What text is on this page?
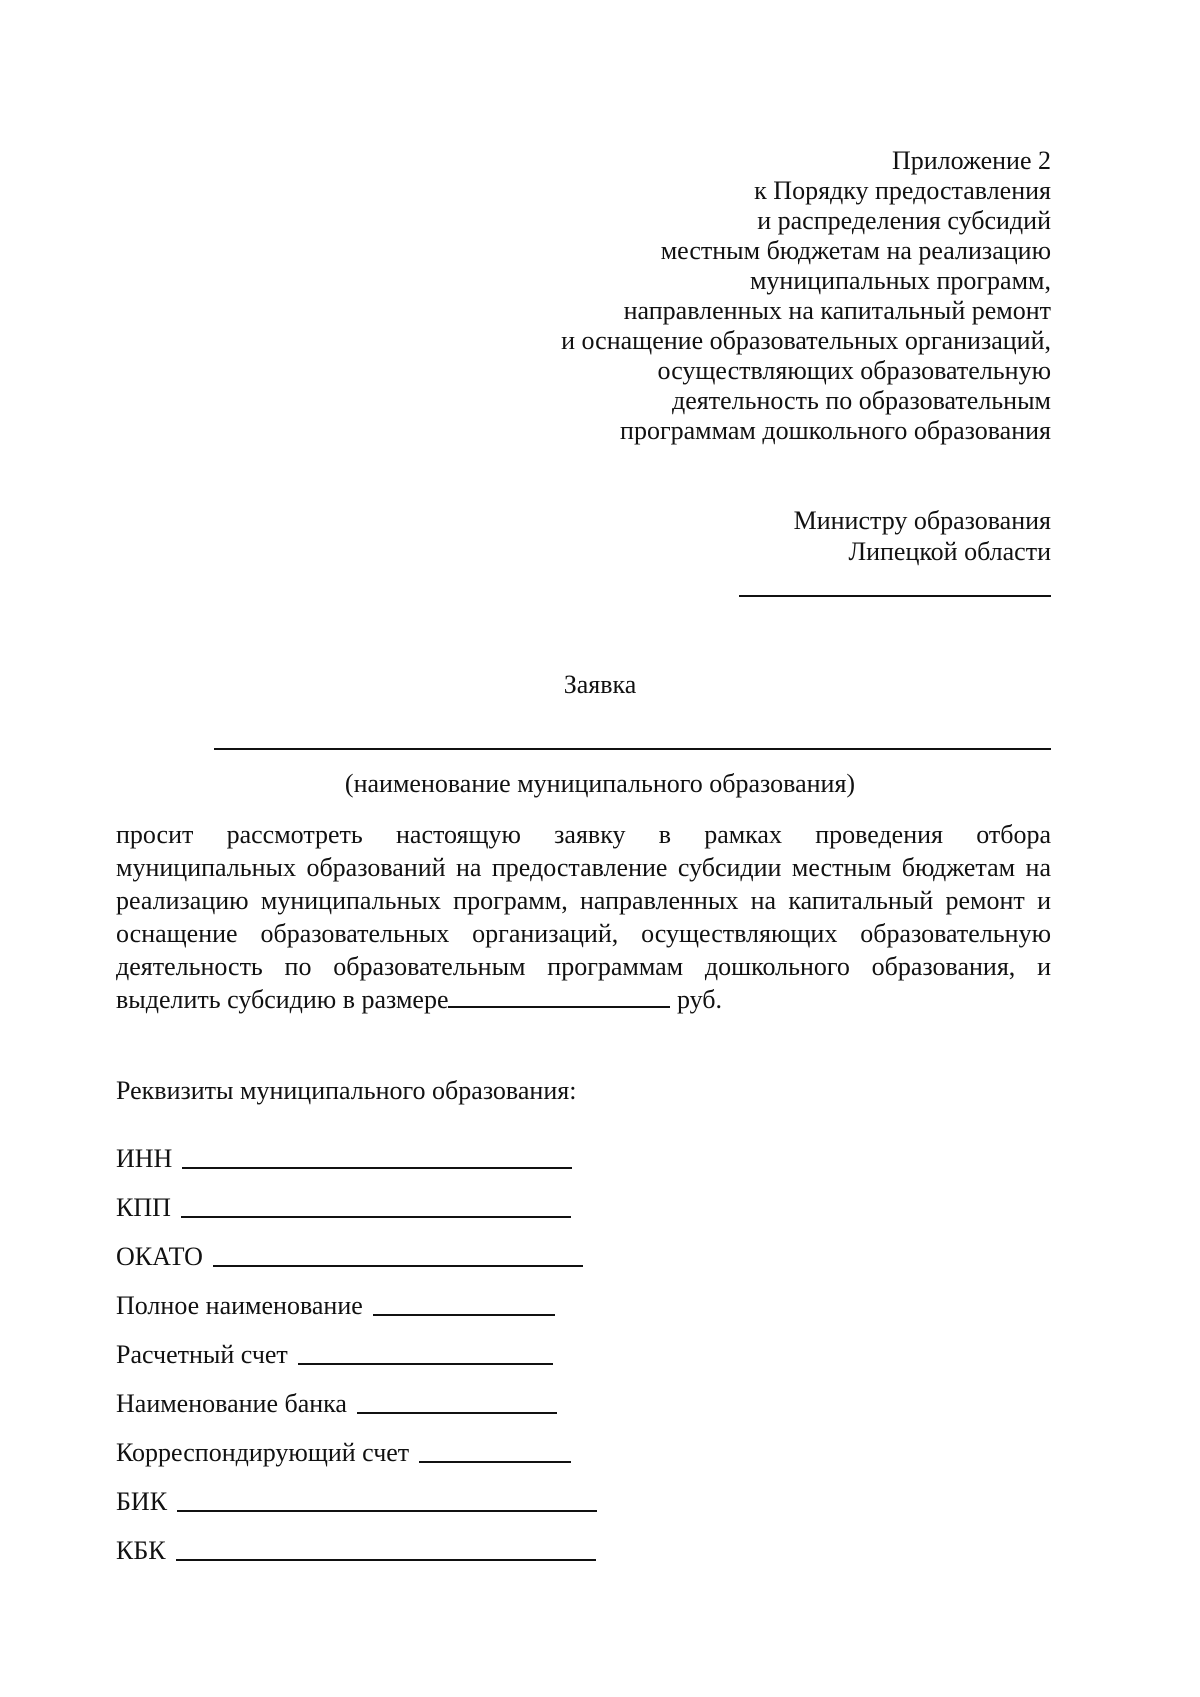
Приложение 2
к Порядку предоставления
и распределения субсидий
местным бюджетам на реализацию
муниципальных программ,
направленных на капитальный ремонт
и оснащение образовательных организаций,
осуществляющих образовательную
деятельность по образовательным
программам дошкольного образования
Министру образования
Липецкой области
Заявка
(наименование муниципального образования)
просит рассмотреть настоящую заявку в рамках проведения отбора
муниципальных образований на предоставление субсидии местным бюджетам на
реализацию муниципальных программ, направленных на капитальный ремонт и
оснащение образовательных организаций, осуществляющих образовательную
деятельность по образовательным программам дошкольного образования, и
выделить субсидию в размере	руб.
Реквизиты муниципального образования:
ИНН
КПП
ОКАТО
Полное наименование
Расчетный счет
Наименование банка
Корреспондирующий счет
БИК
КБК
